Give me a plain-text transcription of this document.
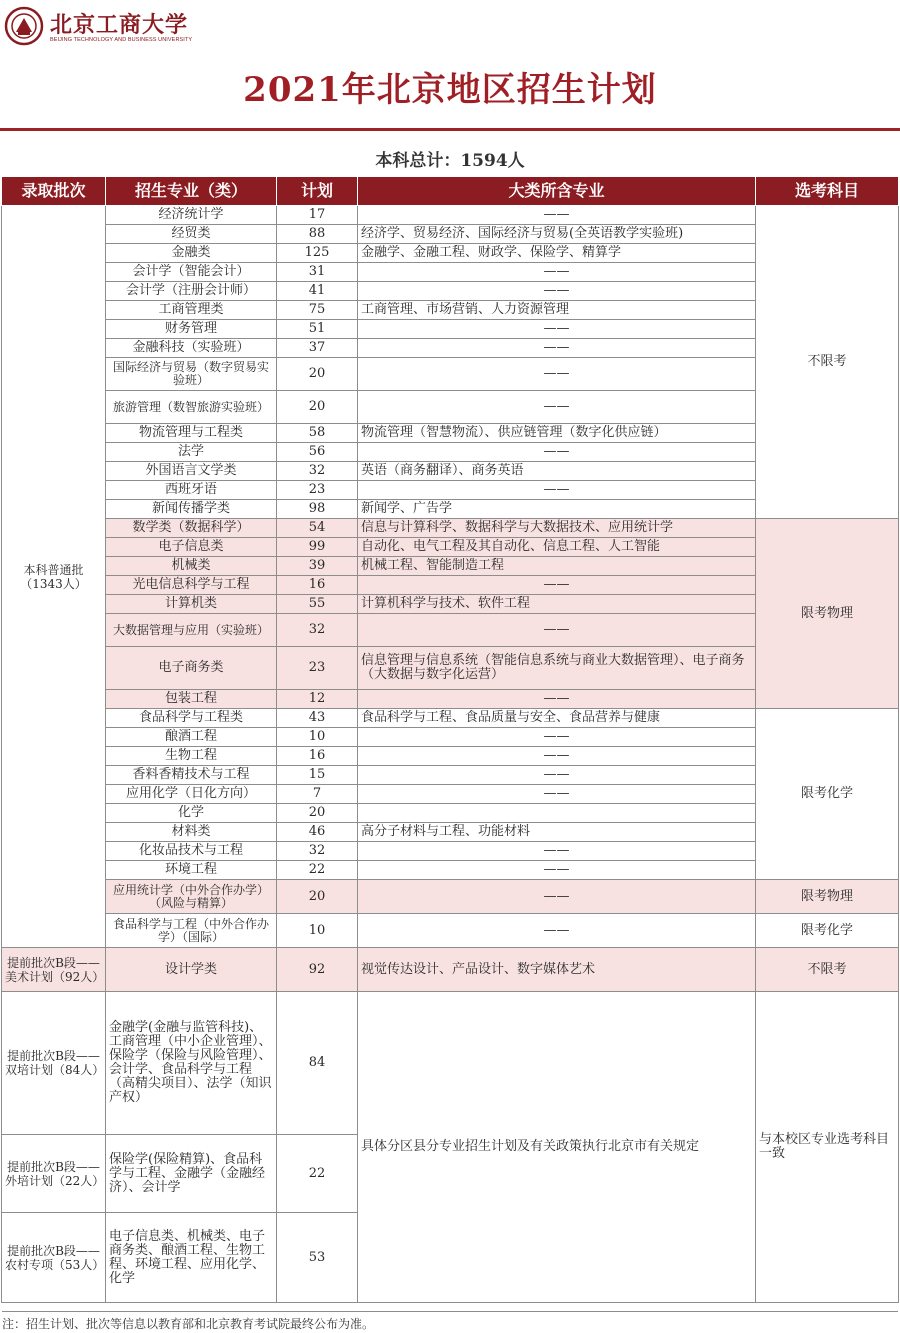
北京工商大学
BEIJING TECHNOLOGY AND BUSINESS UNIVERSITY
2021年北京地区招生计划
本科总计：1594人
录取批次	招生专业（类）	计划	大类所含专业	选考科目
本科普通批（1343人）	经济统计学	17	——	不限考
	经贸类	88	经济学、贸易经济、国际经济与贸易(全英语教学实验班)	
	金融类	125	金融学、金融工程、财政学、保险学、精算学	
	会计学（智能会计）	31	——	
	会计学（注册会计师）	41	——	
	工商管理类	75	工商管理、市场营销、人力资源管理	
	财务管理	51	——	
	金融科技（实验班）	37	——	
	国际经济与贸易（数字贸易实验班）	20	——	
	旅游管理（数智旅游实验班）	20	——	
	物流管理与工程类	58	物流管理（智慧物流）、供应链管理（数字化供应链）	
	法学	56	——	
	外国语言文学类	32	英语（商务翻译）、商务英语	
	西班牙语	23	——	
	新闻传播学类	98	新闻学、广告学	
	数学类（数据科学）	54	信息与计算科学、数据科学与大数据技术、应用统计学	限考物理
	电子信息类	99	自动化、电气工程及其自动化、信息工程、人工智能	
	机械类	39	机械工程、智能制造工程	
	光电信息科学与工程	16	——	
	计算机类	55	计算机科学与技术、软件工程	
	大数据管理与应用（实验班）	32	——	
	电子商务类	23	信息管理与信息系统（智能信息系统与商业大数据管理）、电子商务（大数据与数字化运营）	
	包装工程	12	——	
	食品科学与工程类	43	食品科学与工程、食品质量与安全、食品营养与健康	限考化学
	酿酒工程	10	——	
	生物工程	16	——	
	香料香精技术与工程	15	——	
	应用化学（日化方向）	7	——	
	化学	20		
	材料类	46	高分子材料与工程、功能材料	
	化妆品技术与工程	32	——	
	环境工程	22	——	
	应用统计学（中外合作办学）（风险与精算）	20	——	限考物理
	食品科学与工程（中外合作办学）（国际）	10	——	限考化学
提前批次B段——美术计划（92人）	设计学类	92	视觉传达设计、产品设计、数字媒体艺术	不限考
提前批次B段——双培计划（84人）	金融学(金融与监管科技)、工商管理（中小企业管理）、保险学（保险与风险管理）、会计学、食品科学与工程（高精尖项目）、法学（知识产权）	84	具体分区县分专业招生计划及有关政策执行北京市有关规定	与本校区专业选考科目一致
提前批次B段——外培计划（22人）	保险学(保险精算)、食品科学与工程、金融学（金融经济）、会计学	22		
提前批次B段——农村专项（53人）	电子信息类、机械类、电子商务类、酿酒工程、生物工程、环境工程、应用化学、化学	53		
注：招生计划、批次等信息以教育部和北京教育考试院最终公布为准。
